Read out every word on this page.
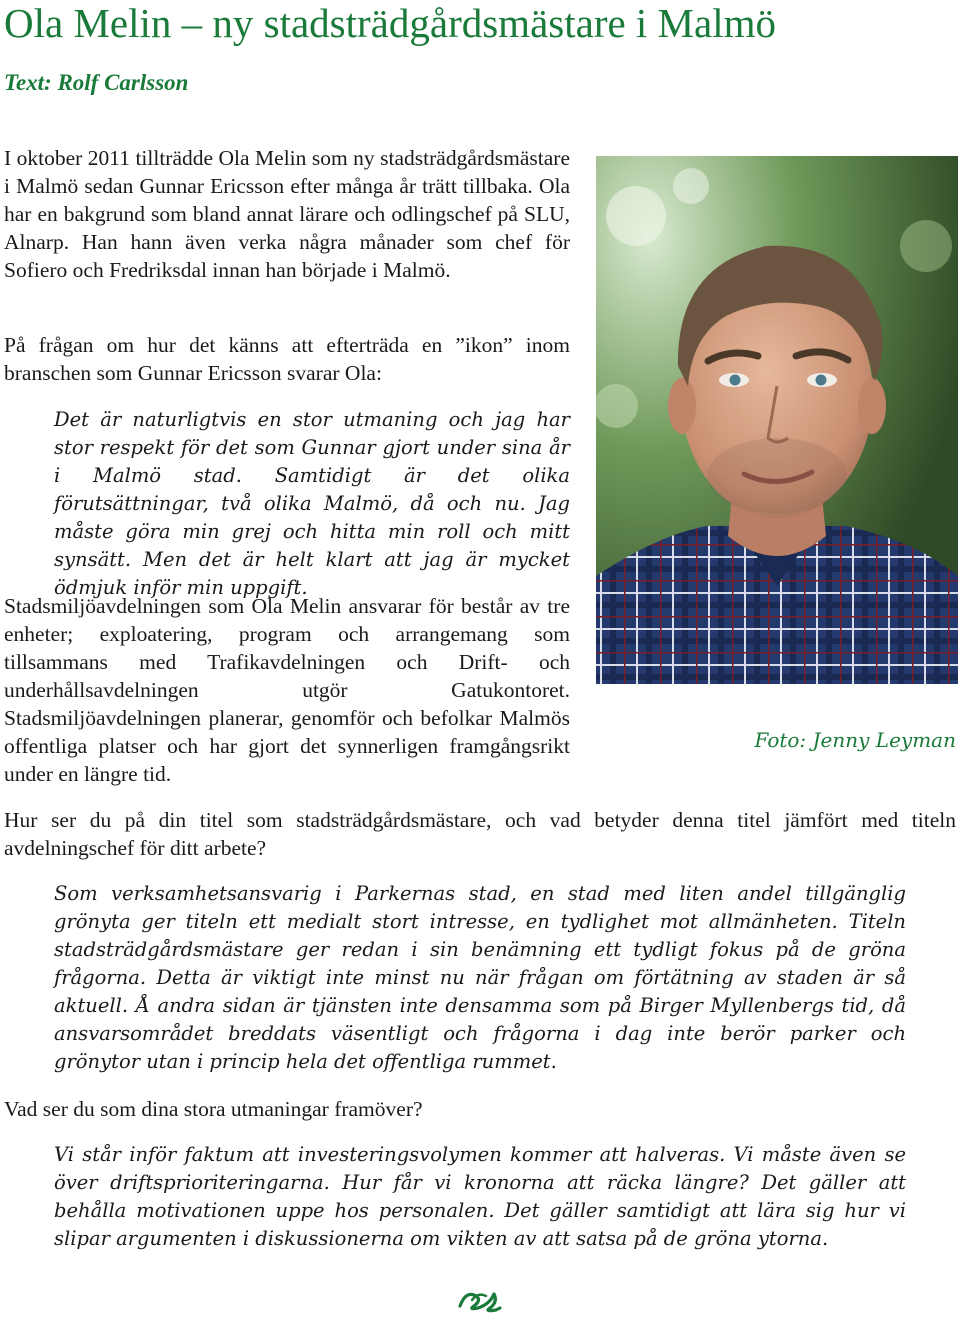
Ola Melin – ny stadsträdgårdsmästare i Malmö

Text: Rolf Carlsson

I oktober 2011 tillträdde Ola Melin som ny stadsträdgårdsmästare i Malmö sedan Gunnar Ericsson efter många år trätt tillbaka. Ola har en bakgrund som bland annat lärare och odlingschef på SLU, Alnarp. Han hann även verka några månader som chef för Sofiero och Fredriksdal innan han började i Malmö.

På frågan om hur det känns att efterträda en ”ikon” inom branschen som Gunnar Ericsson svarar Ola:

Det är naturligtvis en stor utmaning och jag har stor respekt för det som Gunnar gjort under sina år i Malmö stad. Samtidigt är det olika förutsättningar, två olika Malmö, då och nu. Jag måste göra min grej och hitta min roll och mitt synsätt. Men det är helt klart att jag är mycket ödmjuk inför min uppgift.

Stadsmiljöavdelningen som Ola Melin ansvarar för består av tre enheter; exploatering, program och arrangemang som tillsammans med Trafikavdelningen och Drift- och underhållsavdelningen utgör Gatukontoret. Stadsmiljöavdelningen planerar, genomför och befolkar Malmös offentliga platser och har gjort det synnerligen framgångsrikt under en längre tid.

Foto: Jenny Leyman

Hur ser du på din titel som stadsträdgårdsmästare, och vad betyder denna titel jämfört med titeln avdelningschef för ditt arbete?

Som verksamhetsansvarig i Parkernas stad, en stad med liten andel tillgänglig grönyta ger titeln ett medialt stort intresse, en tydlighet mot allmänheten. Titeln stadsträdgårdsmästare ger redan i sin benämning ett tydligt fokus på de gröna frågorna. Detta är viktigt inte minst nu när frågan om förtätning av staden är så aktuell. Å andra sidan är tjänsten inte densamma som på Birger Myllenbergs tid, då ansvarsområdet breddats väsentligt och frågorna i dag inte berör parker och grönytor utan i princip hela det offentliga rummet.

Vad ser du som dina stora utmaningar framöver?

Vi står inför faktum att investeringsvolymen kommer att halveras. Vi måste även se över driftsprioriteringarna. Hur får vi kronorna att räcka längre? Det gäller att behålla motivationen uppe hos personalen. Det gäller samtidigt att lära sig hur vi slipar argumenten i diskussionerna om vikten av att satsa på de gröna ytorna.
